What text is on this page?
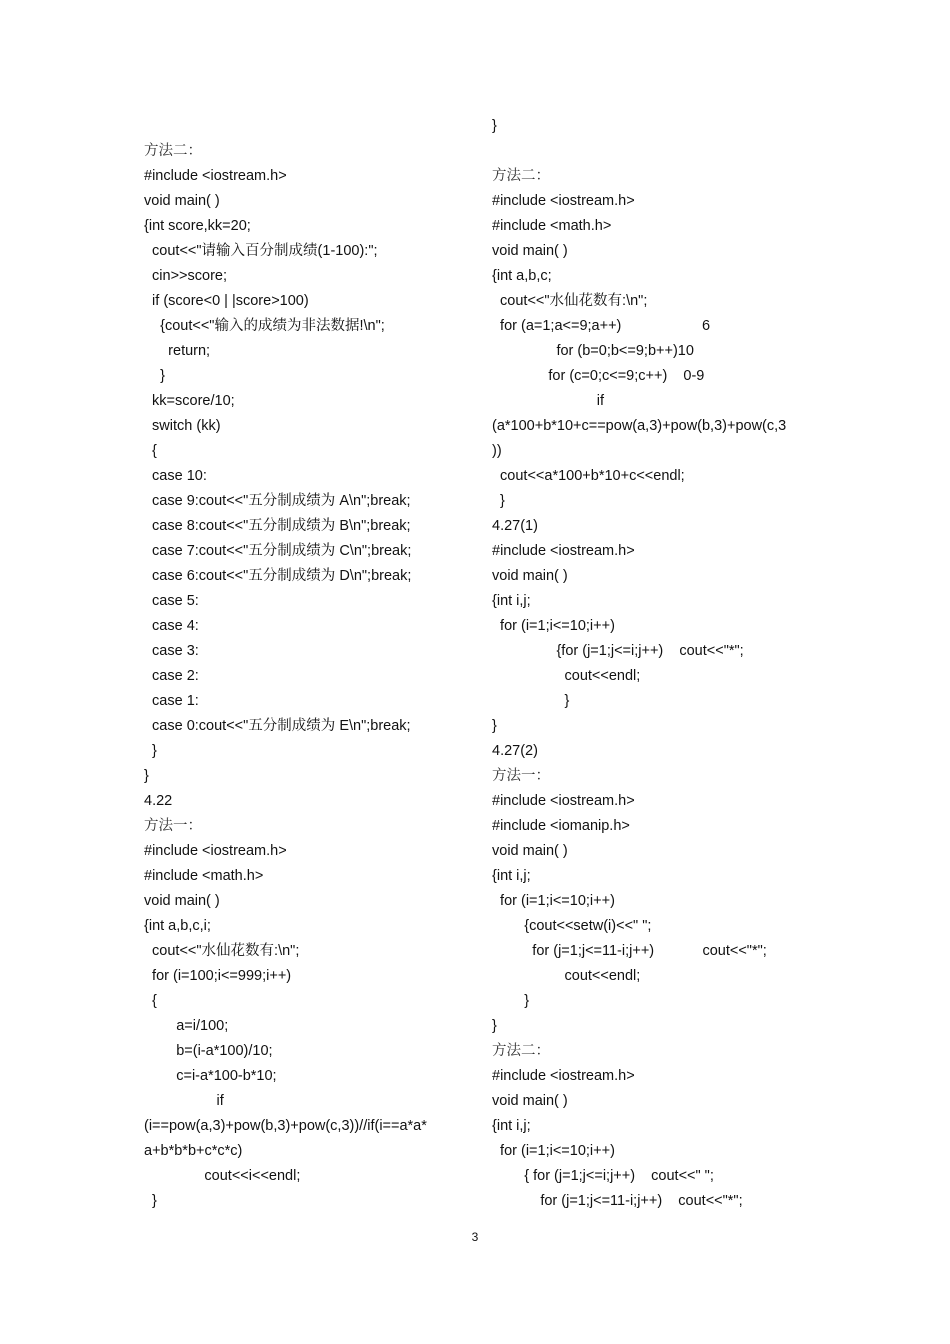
方法二：
#include <iostream.h>
void main( )
{int score,kk=20;
cout<<"请输入百分制成绩(1-100):";
cin>>score;
if (score<0 | |score>100)
{cout<<"输入的成绩为非法数据!\n";
return;
}
kk=score/10;
switch (kk)
{
case 10:
case 9:cout<<"五分制成绩为 A\n";break;
case 8:cout<<"五分制成绩为 B\n";break;
case 7:cout<<"五分制成绩为 C\n";break;
case 6:cout<<"五分制成绩为 D\n";break;
case 5:
case 4:
case 3:
case 2:
case 1:
case 0:cout<<"五分制成绩为 E\n";break;
}
}
4.22
方法一：
#include <iostream.h>
#include <math.h>
void main( )
{int a,b,c,i;
cout<<"水仙花数有:\n";
for (i=100;i<=999;i++)
{
a=i/100;
b=(i-a*100)/10;
c=i-a*100-b*10;
if
(i==pow(a,3)+pow(b,3)+pow(c,3))//if(i==a*a*
a+b*b*b+c*c*c)
cout<<i<<endl;
}
}
方法二：
#include <iostream.h>
#include <math.h>
void main( )
{int a,b,c;
cout<<"水仙花数有:\n";
for (a=1;a<=9;a++)                    6
for (b=0;b<=9;b++)10
for (c=0;c<=9;c++)    0-9
if
(a*100+b*10+c==pow(a,3)+pow(b,3)+pow(c,3
))
cout<<a*100+b*10+c<<endl;
}
4.27(1)
#include <iostream.h>
void main( )
{int i,j;
for (i=1;i<=10;i++)
{for (j=1;j<=i;j++)    cout<<"*";
cout<<endl;
}
}
4.27(2)
方法一：
#include <iostream.h>
#include <iomanip.h>
void main( )
{int i,j;
for (i=1;i<=10;i++)
{cout<<setw(i)<<" ";
for (j=1;j<=11-i;j++)            cout<<"*";
cout<<endl;
}
}
方法二：
#include <iostream.h>
void main( )
{int i,j;
for (i=1;i<=10;i++)
{ for (j=1;j<=i;j++)    cout<<" ";
for (j=1;j<=11-i;j++)    cout<<"*";
3
